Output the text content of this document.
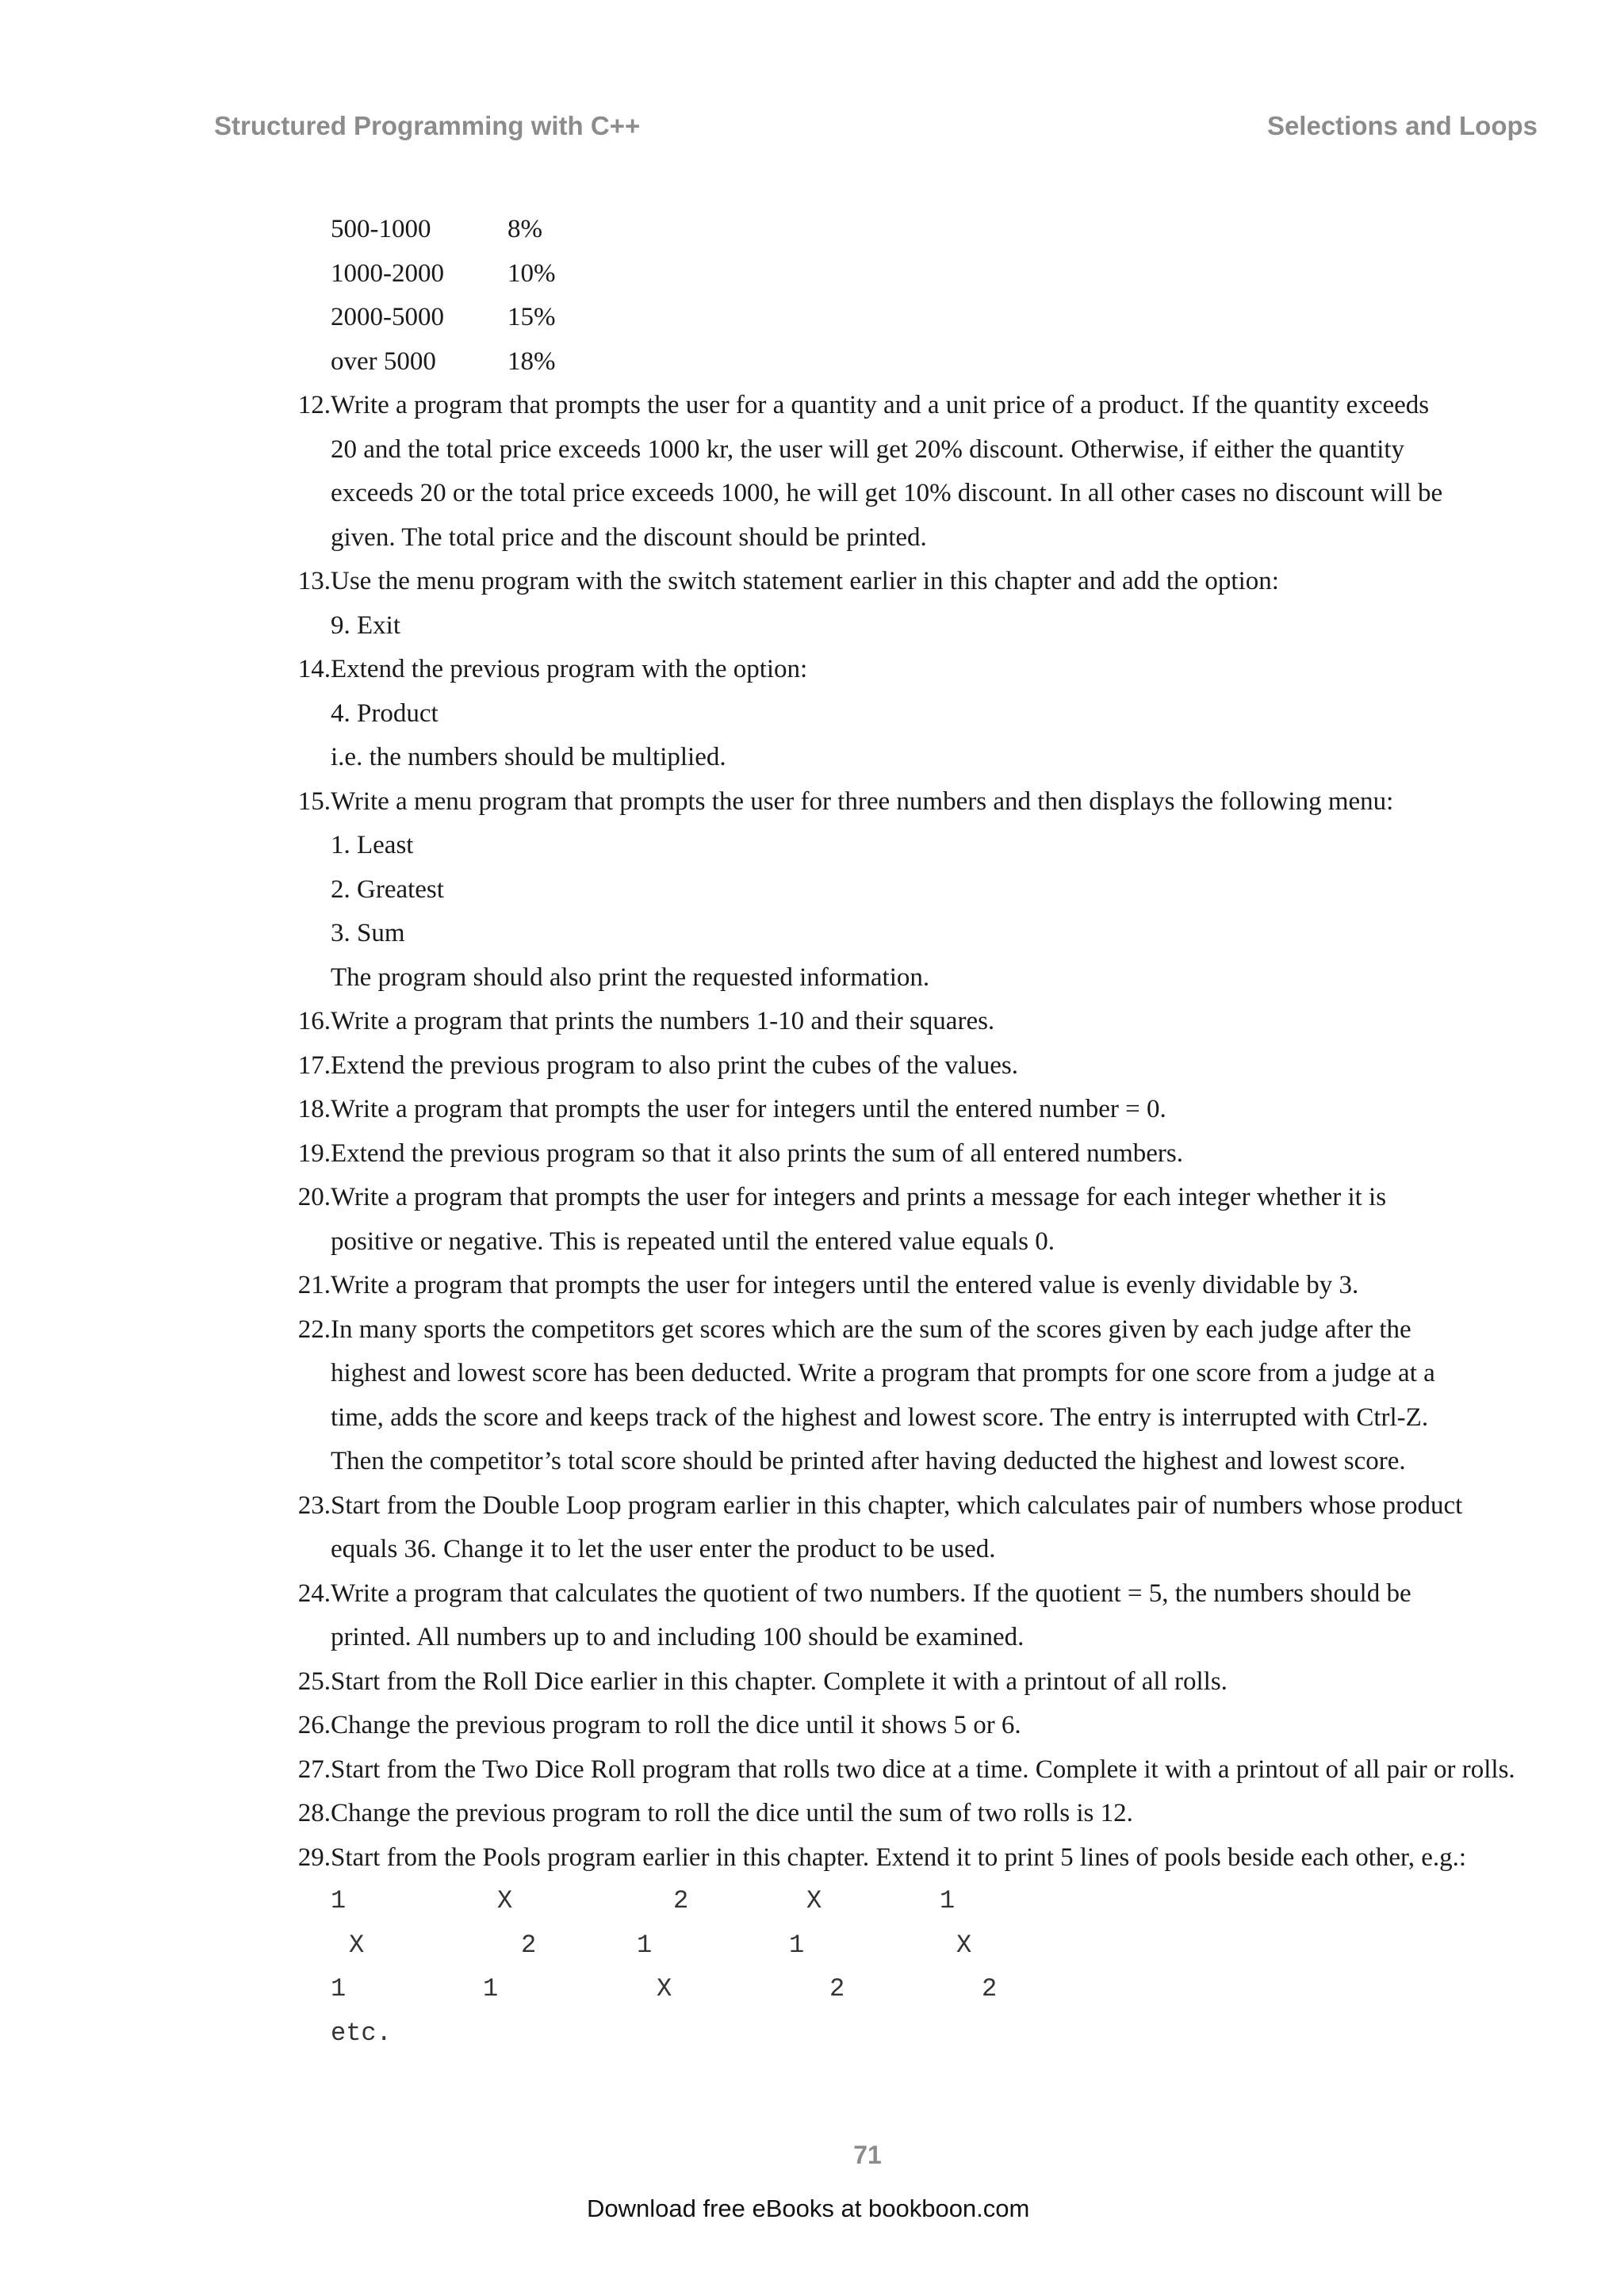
Structured Programming with C++	Selections and Loops
500-1000	8%
1000-2000 10%
2000-5000 15%
over 5000	18%
12. Write a program that prompts the user for a quantity and a unit price of a product. If the quantity exceeds
20 and the total price exceeds 1000 kr, the user will get 20% discount. Otherwise, if either the quantity
exceeds 20 or the total price exceeds 1000, he will get 10% discount. In all other cases no discount will be
given. The total price and the discount should be printed.
13. Use the menu program with the switch statement earlier in this chapter and add the option:
9. Exit
14. Extend the previous program with the option:
4. Product
i.e. the numbers should be multiplied.
15. Write a menu program that prompts the user for three numbers and then displays the following menu:
1. Least
2. Greatest
3. Sum
The program should also print the requested information.
16. Write a program that prints the numbers 1-10 and their squares.
17. Extend the previous program to also print the cubes of the values.
18. Write a program that prompts the user for integers until the entered number = 0.
19. Extend the previous program so that it also prints the sum of all entered numbers.
20. Write a program that prompts the user for integers and prints a message for each integer whether it is
positive or negative. This is repeated until the entered value equals 0.
21. Write a program that prompts the user for integers until the entered value is evenly dividable by 3.
22. In many sports the competitors get scores which are the sum of the scores given by each judge after the
highest and lowest score has been deducted. Write a program that prompts for one score from a judge at a
time, adds the score and keeps track of the highest and lowest score. The entry is interrupted with Ctrl-Z.
Then the competitor’s total score should be printed after having deducted the highest and lowest score.
23. Start from the Double Loop program earlier in this chapter, which calculates pair of numbers whose product
equals 36. Change it to let the user enter the product to be used.
24. Write a program that calculates the quotient of two numbers. If the quotient = 5, the numbers should be
printed. All numbers up to and including 100 should be examined.
25. Start from the Roll Dice earlier in this chapter. Complete it with a printout of all rolls.
26. Change the previous program to roll the dice until it shows 5 or 6.
27. Start from the Two Dice Roll program that rolls two dice at a time. Complete it with a printout of all pair or rolls.
28. Change the previous program to roll the dice until the sum of two rolls is 12.
29. Start from the Pools program earlier in this chapter. Extend it to print 5 lines of pools beside each other, e.g.:
1	X	2	X	1
X	2	1	1	X
1	1	X	2	2
etc.
71
Download free eBooks at bookboon.com
